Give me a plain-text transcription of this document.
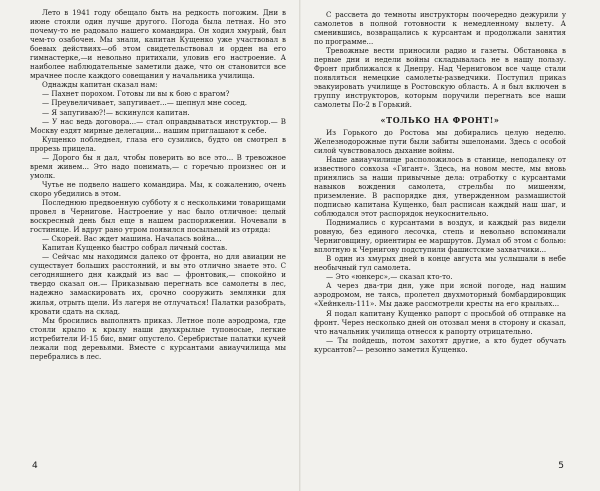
Лето в 1941 году обещало быть на редкость погожим. Дни в июне стояли один лучше другого. Погода была летная. Но это почему-то не радовало нашего командира. Он ходил хмурый, был чем-то озабочен. Мы знали, капитан Кущенко уже участвовал в боевых действиях—об этом свидетельствовал и орден на его гимнастерке,—и невольно притихали, уловив его настроение. А наиболее наблюдательные заметили даже, что он становится все мрачнее после каждого совещания у начальника училища.

Однажды капитан сказал нам:

— Пахнет порохом. Готовы ли вы к бою с врагом?

— Преувеличивает, запугивает...— шепнул мне сосед.

— Я запугиваю?!— вскинулся капитан.

— У нас ведь договора...— стал оправдываться инструктор.— В Москву ездят мирные делегации... нашим приглашают к себе.

Кущенко побледнел, глаза его сузились, будто он смотрел в прорезь прицела.

— Дорого бы я дал, чтобы поверить во все это... В тревожное время живем... Это надо понимать,— с горечью произнес он и умолк.

Чутье не подвело нашего командира. Мы, к сожалению, очень скоро убедились в этом.

Последнюю предвоенную субботу я с несколькими товарищами провел в Чернигове. Настроение у нас было отличное: целый воскресный день был еще в нашем распоряжении. Ночевали в гостинице. И вдруг рано утром появился посыльный из отряда:

— Скорей. Вас ждет машина. Началась война...

Капитан Кущенко быстро собрал личный состав.

— Сейчас мы находимся далеко от фронта, но для авиации не существует больших расстояний, и вы это отлично знаете это. С сегодняшнего дня каждый из вас — фронтовик,— спокойно и твердо сказал он.— Приказываю перегнать все самолеты в лес, надежно замаскировать их, срочно сооружить землянки для жилья, отрыть щели. Из лагеря не отлучаться! Палатки разобрать, кровати сдать на склад.

Мы бросились выполнять приказ. Летное поле аэродрома, где стояли крыло к крылу наши двухкрылые тупоносые, легкие истребители И-15 бис, вмиг опустело. Серебристые палатки кучей лежали под деревьями. Вместе с курсантами авиаучилища мы перебрались в лес.

4

С рассвета до темноты инструкторы поочередно дежурили у самолетов в полной готовности к немедленному вылету. А сменившись, возвращались к курсантам и продолжали занятия по программе...

Тревожные вести приносили радио и газеты. Обстановка в первые дни и недели войны складывалась не в нашу пользу. Фронт приближался к Днепру. Над Черниговом все чаще стали появляться немецкие самолеты-разведчики. Поступил приказ эвакуировать училище в Ростовскую область. А я был включен в группу инструкторов, которым поручили перегнать все наши самолеты По-2 в Горький.

«ТОЛЬКО НА ФРОНТ!»

Из Горького до Ростова мы добирались целую неделю. Железнодорожные пути были забиты эшелонами. Здесь с особой силой чувствовалось дыхание войны.

Наше авиаучилище расположилось в станице, неподалеку от известного совхоза «Гигант». Здесь, на новом месте, мы вновь принялись за наши привычные дела: отработку с курсантами навыков вождения самолета, стрельбы по мишеням, приземление. В распорядке дня, утвержденном размашистой подписью капитана Кущенко, был расписан каждый наш шаг, и соблюдался этот распорядок неукоснительно.

Поднимались с курсантами в воздух, и каждый раз видели ровную, без единого лесочка, степь и невольно вспоминали Черниговщину, ориентиры ее маршрутов. Думал об этом с болью: вплотную к Чернигову подступили фашистские захватчики...

В один из хмурых дней в конце августа мы услышали в небе необычный гул самолета.

— Это «юнкерс»,— сказал кто-то.

А через два-три дня, уже при ясной погоде, над нашим аэродромом, не таясь, пролетел двухмоторный бомбардировщик «Хейнкель-111». Мы даже рассмотрели кресты на его крыльях...

Я подал капитану Кущенко рапорт с просьбой об отправке на фронт. Через несколько дней он отозвал меня в сторону и сказал, что начальник училища отнесся к рапорту отрицательно.

— Ты пойдешь, потом захотят другие, а кто будет обучать курсантов?— резонно заметил Кущенко.

5
